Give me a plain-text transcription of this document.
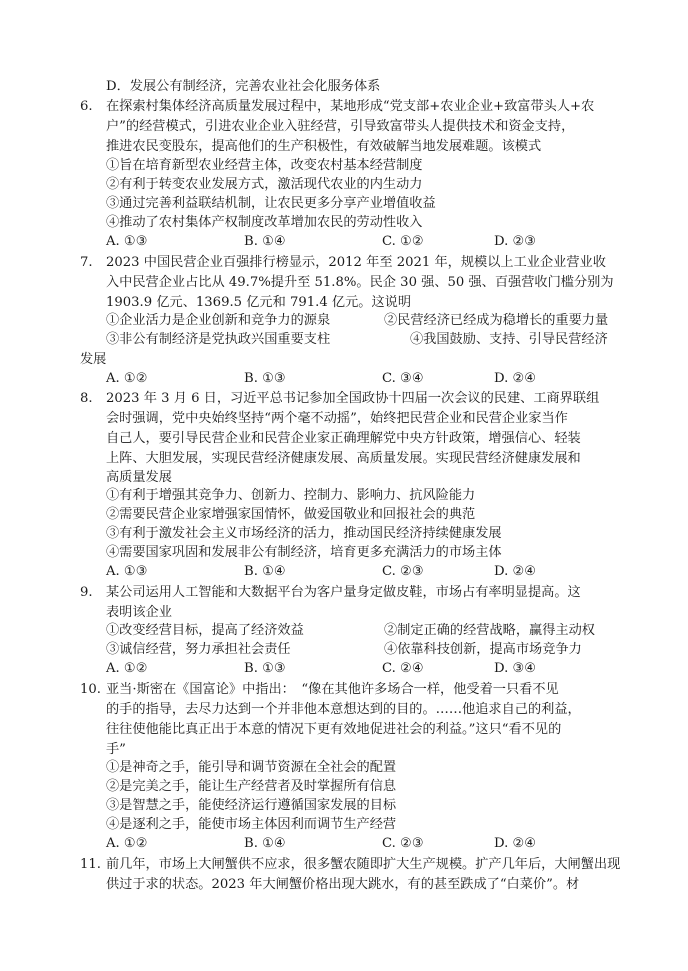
D．发展公有制经济，完善农业社会化服务体系
6. 在探索村集体经济高质量发展过程中，某地形成“党支部+农业企业+致富带头人+农
户”的经营模式，引进农业企业入驻经营，引导致富带头人提供技术和资金支持，
推进农民变股东，提高他们的生产积极性，有效破解当地发展难题。该模式
①旨在培育新型农业经营主体，改变农村基本经营制度
②有利于转变农业发展方式，激活现代农业的内生动力
③通过完善利益联结机制，让农民更多分享产业增值收益
④推动了农村集体产权制度改革增加农民的劳动性收入
A. ①③	B. ①④	C. ①②	D. ②③
7. 2023 中国民营企业百强排行榜显示，2012 年至 2021 年，规模以上工业企业营业收
入中民营企业占比从 49.7%提升至 51.8%。民企 30 强、50 强、百强营收门槛分别为
1903.9 亿元、1369.5 亿元和 791.4 亿元。这说明
①企业活力是企业创新和竞争力的源泉	②民营经济已经成为稳增长的重要力量
③非公有制经济是党执政兴国重要支柱	④我国鼓励、支持、引导民营经济
发展
A. ①②	B. ①③	C. ③④	D. ②④
8. 2023 年 3 月 6 日，习近平总书记参加全国政协十四届一次会议的民建、工商界联组
会时强调，党中央始终坚持“两个毫不动摇”，始终把民营企业和民营企业家当作
自己人，要引导民营企业和民营企业家正确理解党中央方针政策，增强信心、轻装
上阵、大胆发展，实现民营经济健康发展、高质量发展。实现民营经济健康发展和
高质量发展
①有利于增强其竞争力、创新力、控制力、影响力、抗风险能力
②需要民营企业家增强家国情怀，做爱国敬业和回报社会的典范
③有利于激发社会主义市场经济的活力，推动国民经济持续健康发展
④需要国家巩固和发展非公有制经济，培育更多充满活力的市场主体
A. ①③	B. ①④	C. ②③	D. ②④
9. 某公司运用人工智能和大数据平台为客户量身定做皮鞋，市场占有率明显提高。这
表明该企业
①改变经营目标，提高了经济效益	②制定正确的经营战略，赢得主动权
③诚信经营，努力承担社会责任	④依靠科技创新，提高市场竞争力
A. ①②	B. ①③	C. ②④	D. ③④
10. 亚当·斯密在《国富论》中指出：　“像在其他许多场合一样，他受着一只看不见
的手的指导，去尽力达到一个并非他本意想达到的目的。……他追求自己的利益，
往往使他能比真正出于本意的情况下更有效地促进社会的利益。”这只“看不见的
手”
①是神奇之手，能引导和调节资源在全社会的配置
②是完美之手，能让生产经营者及时掌握所有信息
③是智慧之手，能使经济运行遵循国家发展的目标
④是逐利之手，能使市场主体因利而调节生产经营
A. ①②	B. ①④	C. ②③	D. ②④
11. 前几年，市场上大闸蟹供不应求，很多蟹农随即扩大生产规模。扩产几年后，大闸蟹出现
供过于求的状态。2023 年大闸蟹价格出现大跳水，有的甚至跌成了“白菜价”。材
